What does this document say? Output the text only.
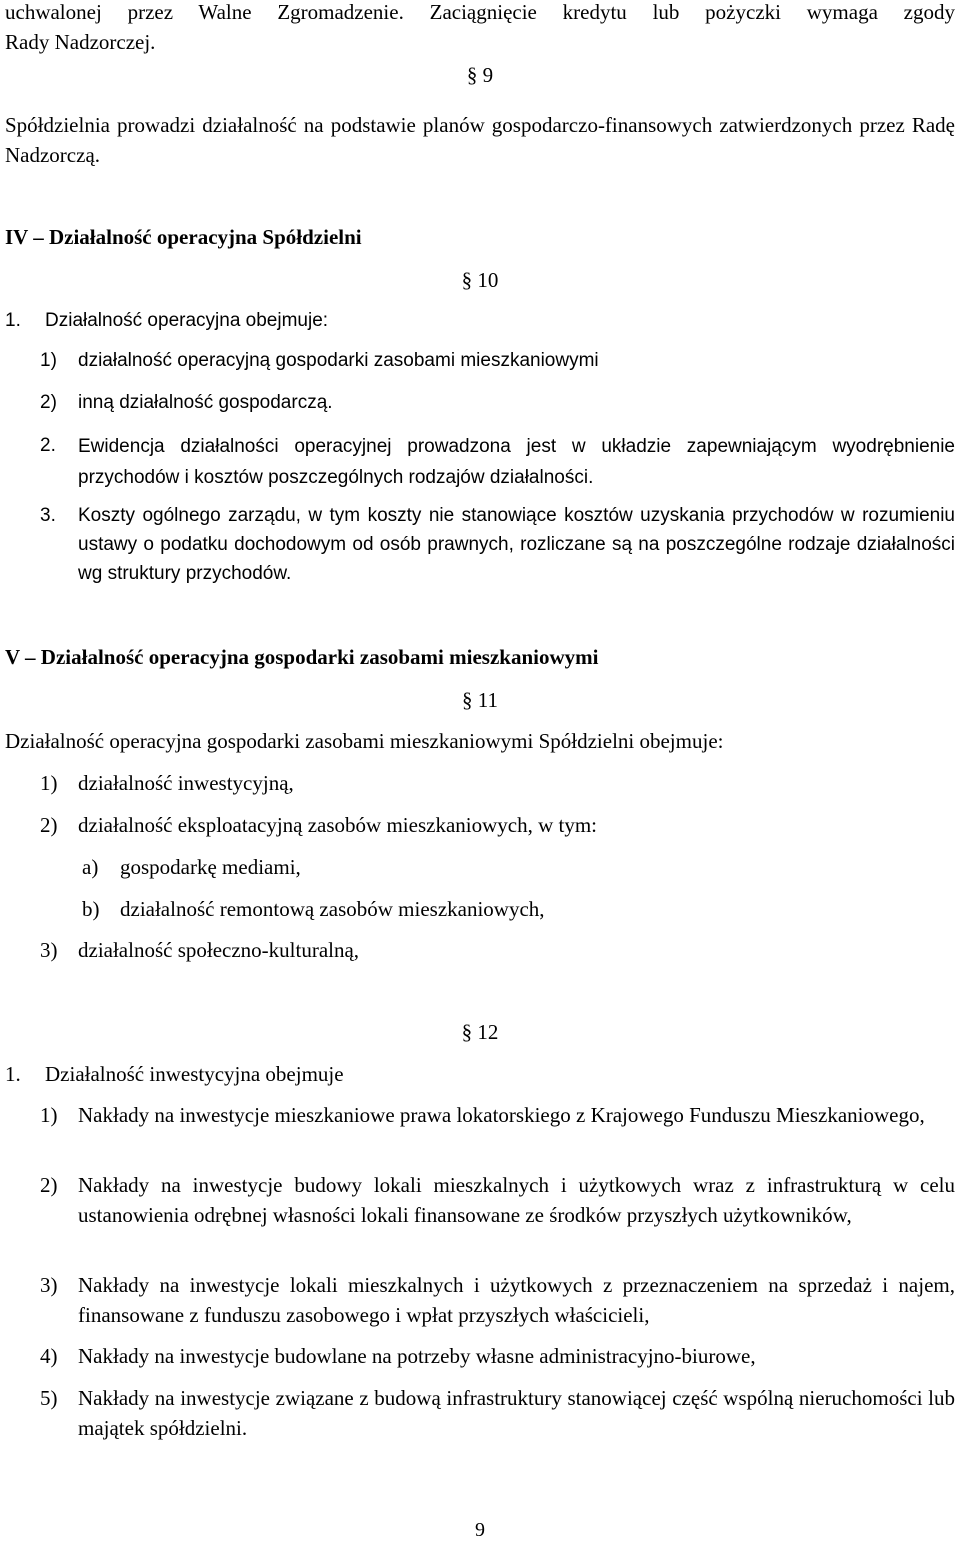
uchwalonej przez Walne Zgromadzenie. Zaciągnięcie kredytu lub pożyczki wymaga zgody
Rady Nadzorczej.
§ 9

Spółdzielnia prowadzi działalność na podstawie planów gospodarczo-finansowych zatwierdzonych przez Radę Nadzorczą.

IV – Działalność operacyjna Spółdzielni
§ 10
1.	Działalność operacyjna obejmuje:
1)	działalność operacyjną gospodarki zasobami mieszkaniowymi
2)	inną działalność gospodarczą.
2.	Ewidencja działalności operacyjnej prowadzona jest w układzie zapewniającym wyodrębnienie przychodów i kosztów poszczególnych rodzajów działalności.
3.	Koszty ogólnego zarządu, w tym koszty nie stanowiące kosztów uzyskania przychodów w rozumieniu ustawy o podatku dochodowym od osób prawnych, rozliczane są na poszczególne rodzaje działalności wg struktury przychodów.
V – Działalność operacyjna gospodarki zasobami mieszkaniowymi
§ 11
Działalność operacyjna gospodarki zasobami mieszkaniowymi Spółdzielni obejmuje:
1) działalność inwestycyjną,
2) działalność eksploatacyjną zasobów mieszkaniowych, w tym:
a)	gospodarkę mediami,
b) działalność remontową zasobów mieszkaniowych,
3) działalność społeczno-kulturalną,
§ 12
1.	Działalność inwestycyjna obejmuje
1) Nakłady na inwestycje mieszkaniowe prawa lokatorskiego z Krajowego Funduszu Mieszkaniowego,
2) Nakłady na inwestycje budowy lokali mieszkalnych i użytkowych wraz z infrastrukturą w celu ustanowienia odrębnej własności lokali finansowane ze środków przyszłych użytkowników,
3) Nakłady na inwestycje lokali mieszkalnych i użytkowych z przeznaczeniem na sprzedaż i najem, finansowane z funduszu zasobowego i wpłat przyszłych właścicieli,
4) Nakłady na inwestycje budowlane na potrzeby własne administracyjno-biurowe,
5) Nakłady na inwestycje związane z budową infrastruktury stanowiącej część wspólną nieruchomości lub majątek spółdzielni.
9
